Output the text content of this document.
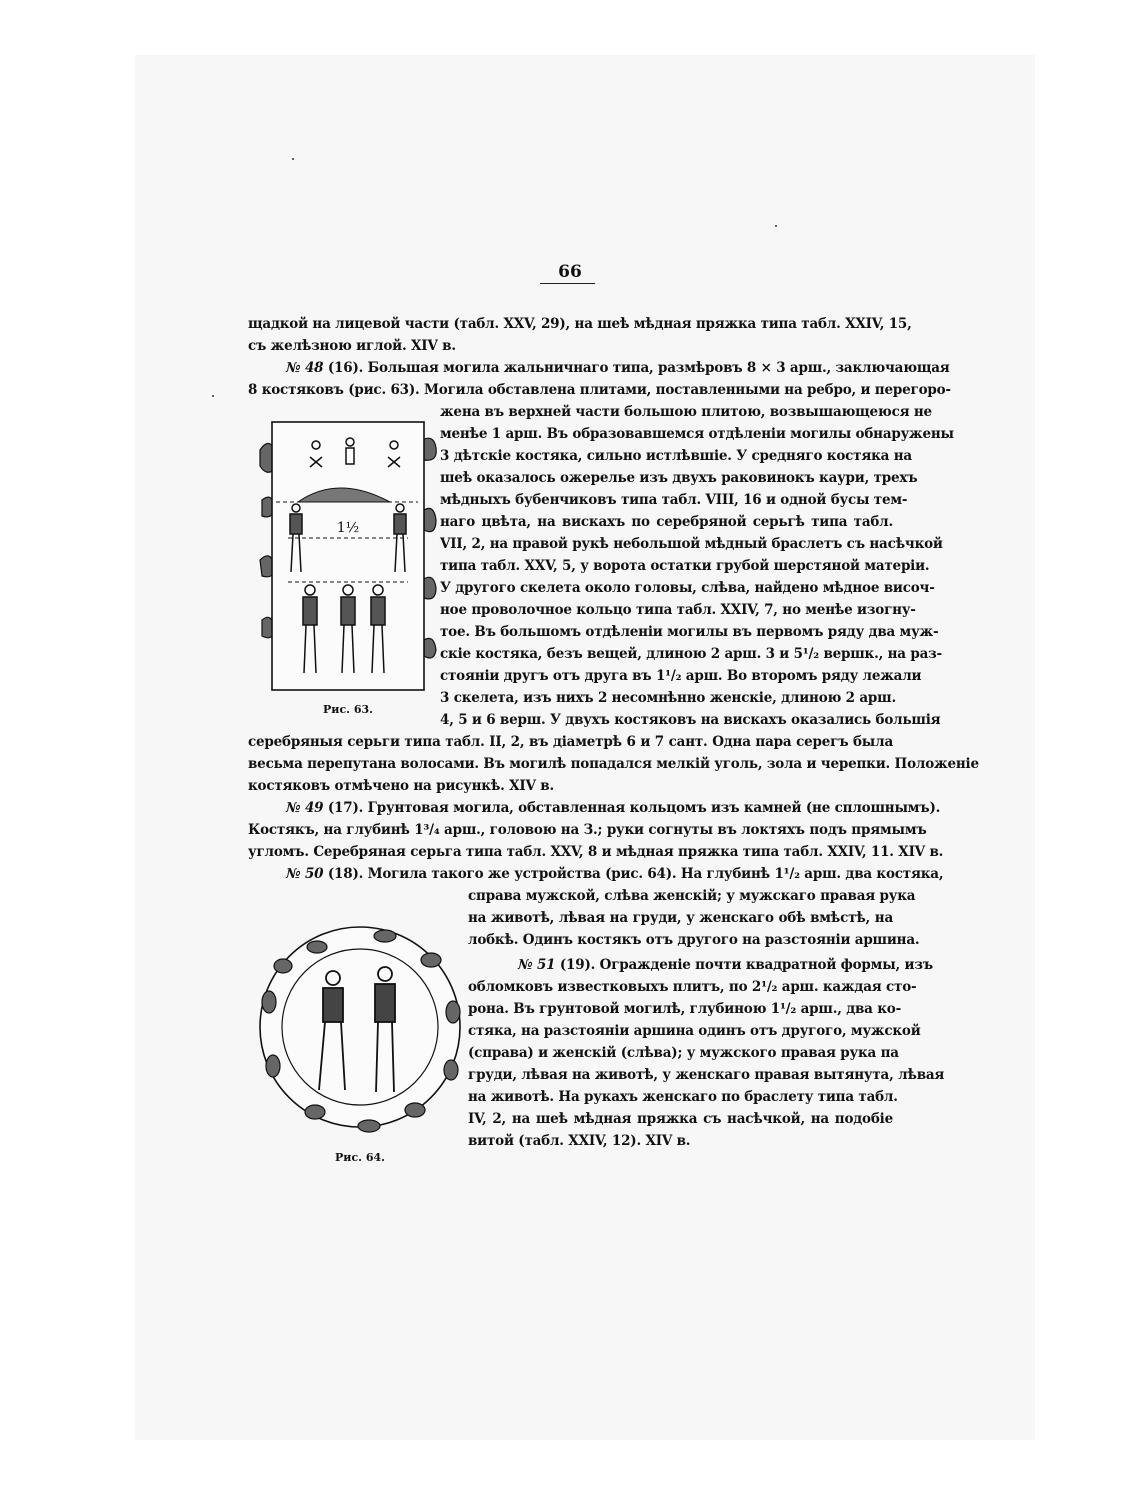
66

щадкой на лицевой части (табл. XXV, 29), на шеѣ мѣдная пряжка типа табл. XXIV, 15,

съ желѣзною иглой. XIV в.

№ 48 (16). Большая могила жальничнаго типа, размѣровъ 8 × 3 арш., заключающая

8 костяковъ (рис. 63). Могила обставлена плитами, поставленными на ребро, и перегоро-

жена въ верхней части большою плитою, возвышающеюся не

менѣе 1 арш. Въ образовавшемся отдѣленіи могилы обнаружены

3 дѣтскіе костяка, сильно истлѣвшіе. У средняго костяка на

шеѣ оказалось ожерелье изъ двухъ раковинокъ каури, трехъ

мѣдныхъ бубенчиковъ типа табл. VIII, 16 и одной бусы тем-

наго цвѣта, на вискахъ по серебряной серьгѣ типа табл.

VII, 2, на правой рукѣ небольшой мѣдный браслетъ съ насѣчкой

типа табл. XXV, 5, у ворота остатки грубой шерстяной матеріи.

У другого скелета около головы, слѣва, найдено мѣдное височ-

ное проволочное кольцо типа табл. XXIV, 7, но менѣе изогну-

тое. Въ большомъ отдѣленіи могилы въ первомъ ряду два муж-

скіе костяка, безъ вещей, длиною 2 арш. 3 и 5¹/₂ вершк., на раз-

стояніи другъ отъ друга въ 1¹/₂ арш. Во второмъ ряду лежали

3 скелета, изъ нихъ 2 несомнѣнно женскіе, длиною 2 арш.

4, 5 и 6 верш. У двухъ костяковъ на вискахъ оказались большія

серебряныя серьги типа табл. II, 2, въ діаметрѣ 6 и 7 сант. Одна пара серегъ была

весьма перепутана волосами. Въ могилѣ попадался мелкій уголь, зола и черепки. Положеніе

костяковъ отмѣчено на рисункѣ. XIV в.

№ 49 (17). Грунтовая могила, обставленная кольцомъ изъ камней (не сплошнымъ).

Костякъ, на глубинѣ 1³/₄ арш., головою на З.; руки согнуты въ локтяхъ подъ прямымъ

угломъ. Серебряная серьга типа табл. XXV, 8 и мѣдная пряжка типа табл. XXIV, 11. XIV в.

№ 50 (18). Могила такого же устройства (рис. 64). На глубинѣ 1¹/₂ арш. два костяка,

справа мужской, слѣва женскій; у мужскаго правая рука

на животѣ, лѣвая на груди, у женскаго обѣ вмѣстѣ, на

лобкѣ. Одинъ костякъ отъ другого на разстояніи аршина.

№ 51 (19). Огражденіе почти квадратной формы, изъ

обломковъ известковыхъ плитъ, по 2¹/₂ арш. каждая сто-

рона. Въ грунтовой могилѣ, глубиною 1¹/₂ арш., два ко-

стяка, на разстояніи аршина одинъ отъ другого, мужской

(справа) и женскій (слѣва); у мужского правая рука па

груди, лѣвая на животѣ, у женскаго правая вытянута, лѣвая

на животѣ. На рукахъ женскаго по браслету типа табл.

IV, 2, на шеѣ мѣдная пряжка съ насѣчкой, на подобіе

витой (табл. XXIV, 12). XIV в.

1½
Рис. 63.
Рис. 64.
